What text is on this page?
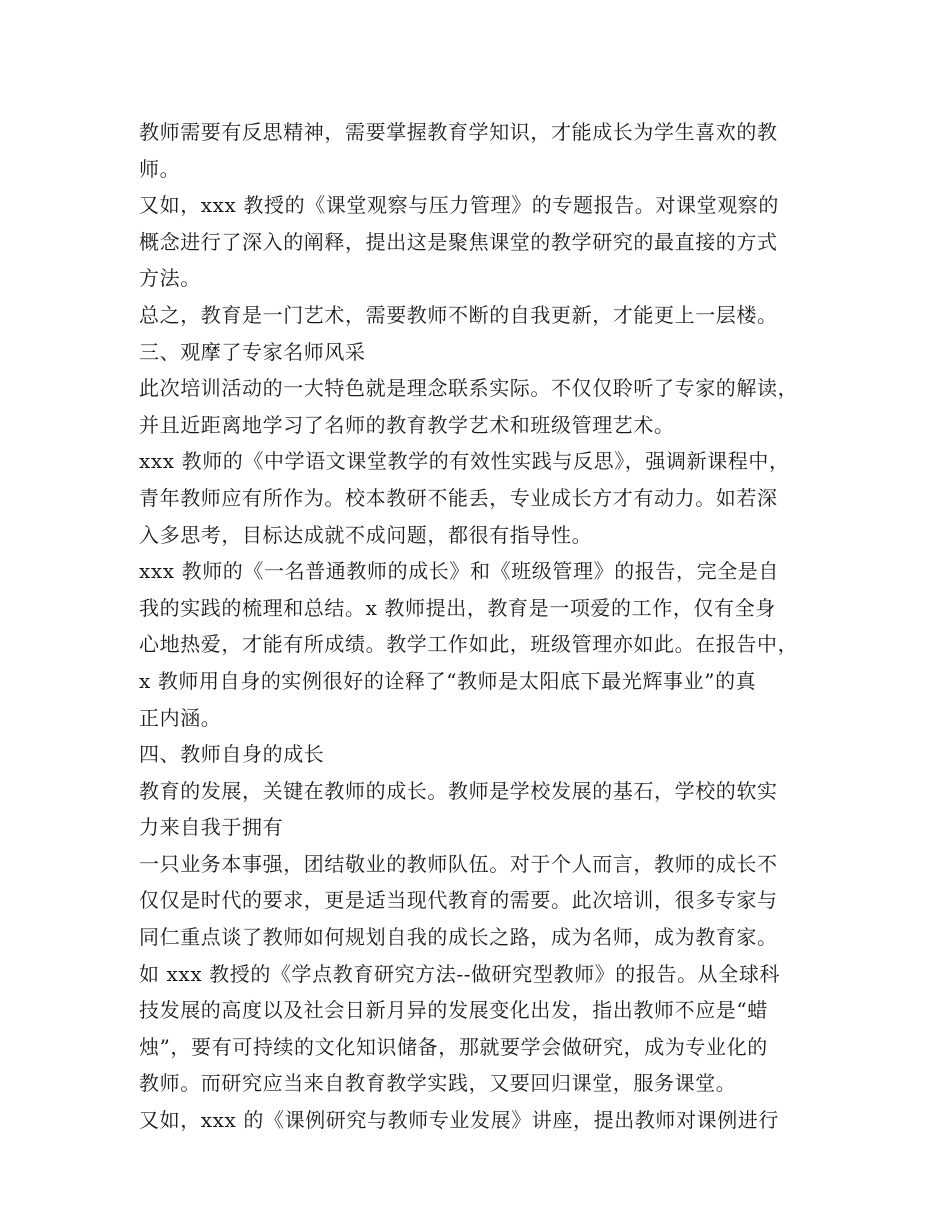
教师需要有反思精神，需要掌握教育学知识，才能成长为学生喜欢的教
师。
又如，xxx 教授的《课堂观察与压力管理》的专题报告。对课堂观察的
概念进行了深入的阐释，提出这是聚焦课堂的教学研究的最直接的方式
方法。
总之，教育是一门艺术，需要教师不断的自我更新，才能更上一层楼。
三、观摩了专家名师风采
此次培训活动的一大特色就是理念联系实际。不仅仅聆听了专家的解读，
并且近距离地学习了名师的教育教学艺术和班级管理艺术。
xxx 教师的《中学语文课堂教学的有效性实践与反思》，强调新课程中，
青年教师应有所作为。校本教研不能丢，专业成长方才有动力。如若深
入多思考，目标达成就不成问题，都很有指导性。
xxx 教师的《一名普通教师的成长》和《班级管理》的报告，完全是自
我的实践的梳理和总结。x 教师提出，教育是一项爱的工作，仅有全身
心地热爱，才能有所成绩。教学工作如此，班级管理亦如此。在报告中，
x 教师用自身的实例很好的诠释了“教师是太阳底下最光辉事业”的真
正内涵。
四、教师自身的成长
教育的发展，关键在教师的成长。教师是学校发展的基石，学校的软实
力来自我于拥有
一只业务本事强，团结敬业的教师队伍。对于个人而言，教师的成长不
仅仅是时代的要求，更是适当现代教育的需要。此次培训，很多专家与
同仁重点谈了教师如何规划自我的成长之路，成为名师，成为教育家。
如 xxx 教授的《学点教育研究方法--做研究型教师》的报告。从全球科
技发展的高度以及社会日新月异的发展变化出发，指出教师不应是“蜡
烛”，要有可持续的文化知识储备，那就要学会做研究，成为专业化的
教师。而研究应当来自教育教学实践，又要回归课堂，服务课堂。
又如，xxx 的《课例研究与教师专业发展》讲座，提出教师对课例进行
